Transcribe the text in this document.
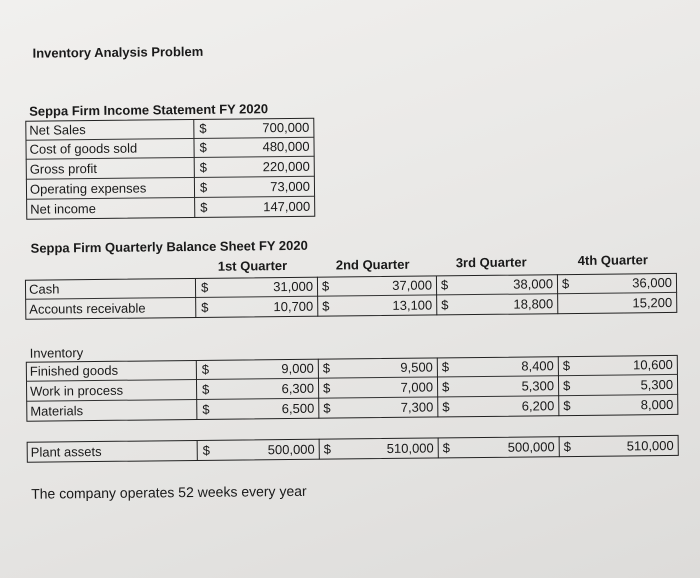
Inventory Analysis Problem
Seppa Firm Income Statement FY 2020
Net Sales	$	700,000
Cost of goods sold	$	480,000
Gross profit	$	220,000
Operating expenses	$	73,000
Net income	$	147,000
Seppa Firm Quarterly Balance Sheet FY 2020
1st Quarter	2nd Quarter	3rd Quarter	4th Quarter
Cash	$	31,000 $	37,000 $	38,000 $	36,000
Accounts receivable	$	10,700 $	13,100 $	18,800	15,200
Inventory
Finished goods	$	9,000 $	9,500 $	8,400 $	10,600
Work in process	$	6,300 $	7,000 $	5,300 $	5,300
Materials	$	6,500 $	7,300 $	6,200 $	8,000
Plant assets	$	500,000 $	510,000 $	500,000 $	510,000
The company operates 52 weeks every year
